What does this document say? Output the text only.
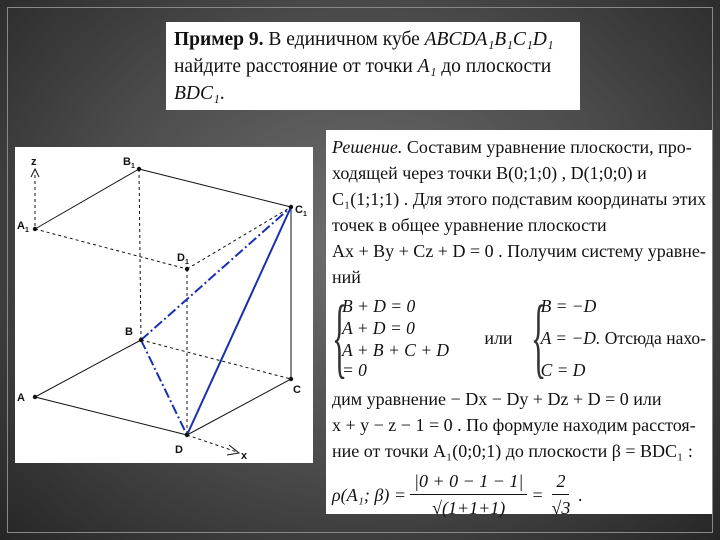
Пример 9. В единичном кубе ABCDA₁B₁C₁D₁
найдите расстояние от точки A₁ до плоскости
BDC₁.
z
x
A 1
B 1
C 1
D 1
A
B
C
D
Решение. Составим уравнение плоскости, про-
ходящей через точки B(0;1;0) , D(1;0;0) и
C₁(1;1;1) . Для этого подставим координаты этих
точек в общее уравнение плоскости
Ax + By + Cz + D = 0 . Получим систему уравне-
ний
{
B + D = 0
A + D = 0
A + B + C + D = 0
или {
B = −D
A = −D. Отсюда нахо-
C = D
дим уравнение − Dx − Dy + Dz + D = 0 или
x + y − z − 1 = 0 . По формуле находим расстоя-
ние от точки A₁(0;0;1) до плоскости β = BDC₁ :
ρ(A₁; $\beta) = \frac{|0 + 0 - 1 - 1|}{√(1+1+1)} = \frac{2}{√3}$ .
